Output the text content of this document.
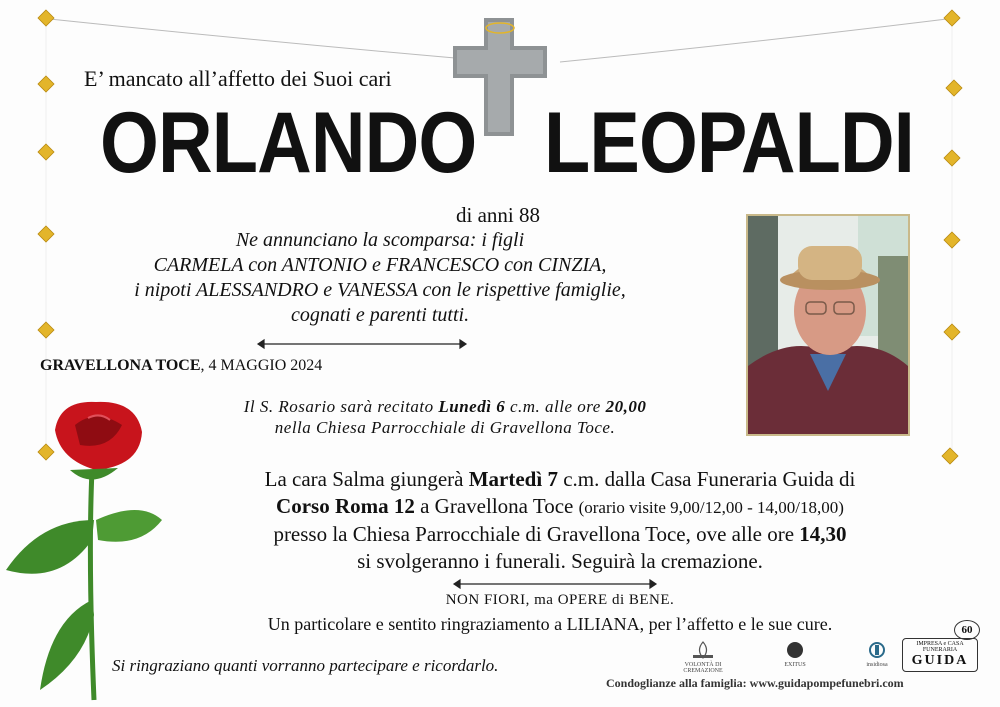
E’ mancato all’affetto dei Suoi cari
ORLANDO LEOPALDI
di anni 88
Ne annunciano la scomparsa: i figli
CARMELA con ANTONIO e FRANCESCO con CINZIA,
i nipoti ALESSANDRO e VANESSA con le rispettive famiglie,
cognati e parenti tutti.
GRAVELLONA TOCE, 4 MAGGIO 2024
Il S. Rosario sarà recitato Lunedì 6 c.m. alle ore 20,00
nella Chiesa Parrocchiale di Gravellona Toce.
La cara Salma giungerà Martedì 7 c.m. dalla Casa Funeraria Guida di
Corso Roma 12 a Gravellona Toce (orario visite 9,00/12,00 - 14,00/18,00)
presso la Chiesa Parrocchiale di Gravellona Toce, ove alle ore 14,30
si svolgeranno i funerali. Seguirà la cremazione.
NON FIORI, ma OPERE di BENE.
Un particolare e sentito ringraziamento a LILIANA, per l’affetto e le sue cure.
Si ringraziano quanti vorranno partecipare e ricordarlo.	VOLONTÀ DI CREMAZIONE
EXITUS	insidiosa
IMPRESA e CASA FUNERARIA
GUIDA
60
Condoglianze alla famiglia: www.guidapompefunebri.com
